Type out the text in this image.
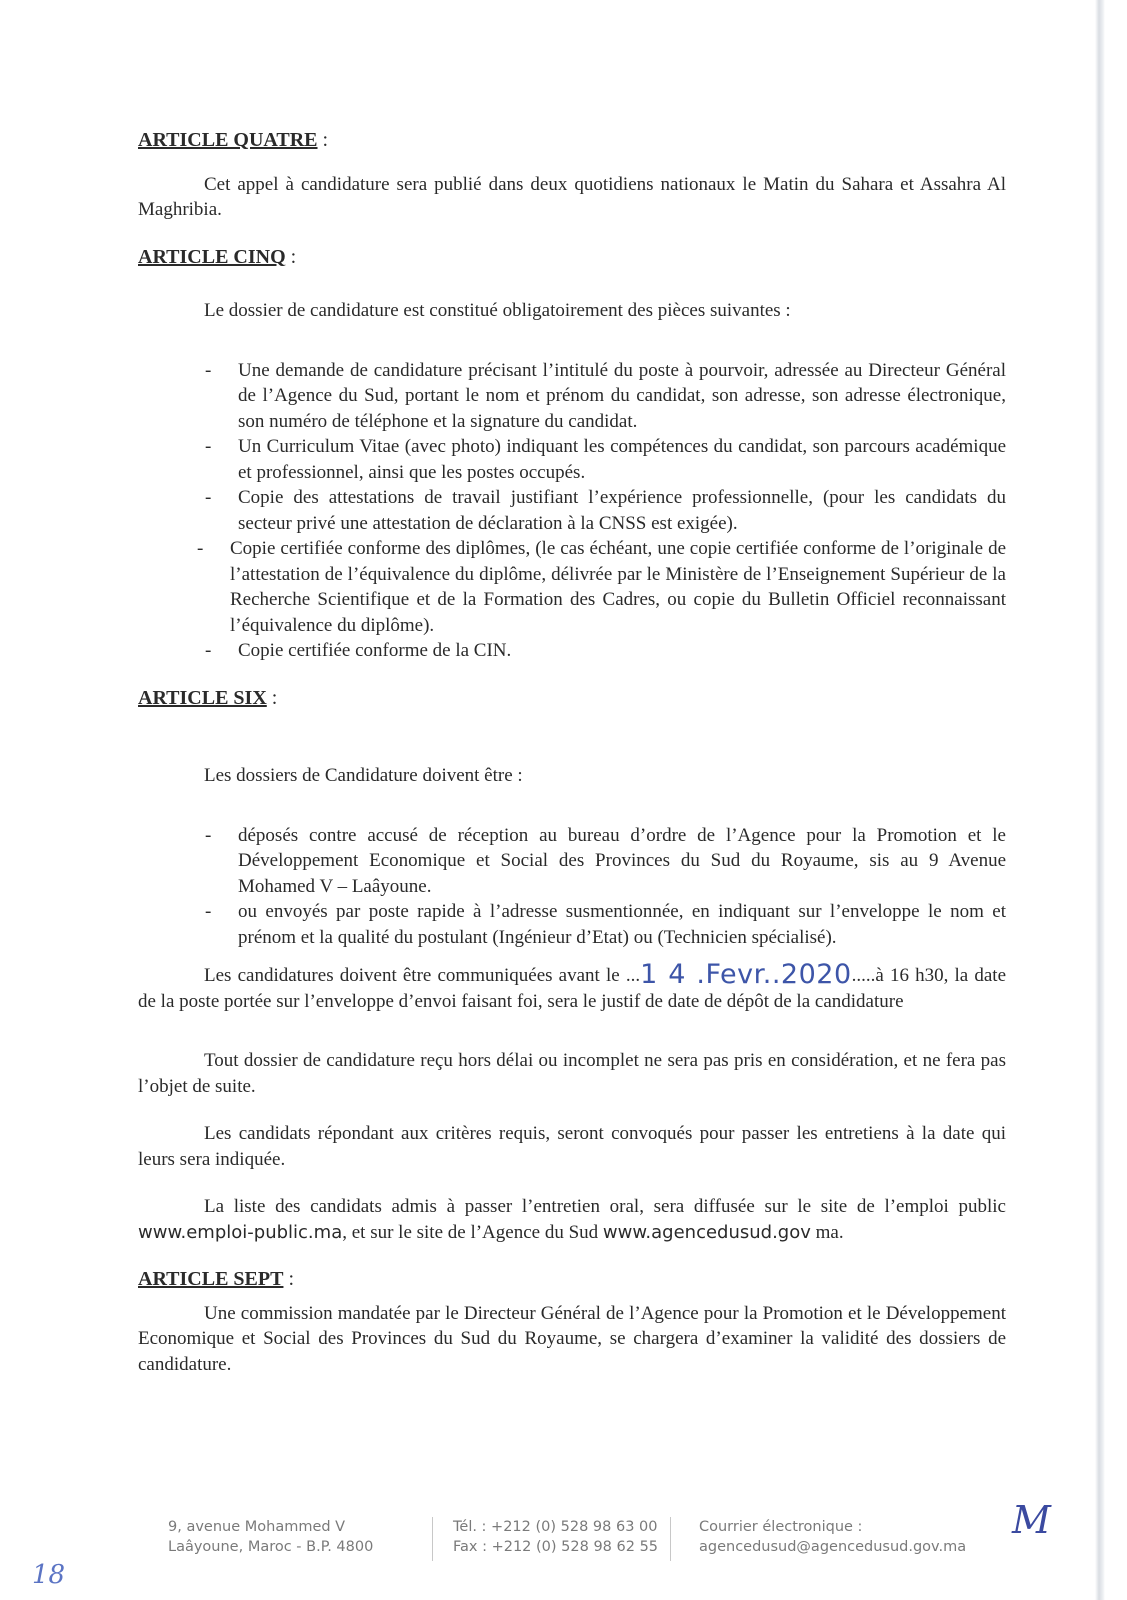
ARTICLE QUATRE :

Cet appel à candidature sera publié dans deux quotidiens nationaux le Matin du Sahara et Assahra Al Maghribia.

ARTICLE CINQ :

Le dossier de candidature est constitué obligatoirement des pièces suivantes :

- Une demande de candidature précisant l’intitulé du poste à pourvoir, adressée au Directeur Général de l’Agence du Sud, portant le nom et prénom du candidat, son adresse, son adresse électronique, son numéro de téléphone et la signature du candidat.
- Un Curriculum Vitae (avec photo) indiquant les compétences du candidat, son parcours académique et professionnel, ainsi que les postes occupés.
- Copie des attestations de travail justifiant l’expérience professionnelle, (pour les candidats du secteur privé une attestation de déclaration à la CNSS est exigée).
- Copie certifiée conforme des diplômes, (le cas échéant, une copie certifiée conforme de l’originale de l’attestation de l’équivalence du diplôme, délivrée par le Ministère de l’Enseignement Supérieur de la Recherche Scientifique et de la Formation des Cadres, ou copie du Bulletin Officiel reconnaissant l’équivalence du diplôme).
- Copie certifiée conforme de la CIN.
ARTICLE SIX :

Les dossiers de Candidature doivent être :

- déposés contre accusé de réception au bureau d’ordre de l’Agence pour la Promotion et le Développement Economique et Social des Provinces du Sud du Royaume, sis au 9 Avenue Mohamed V – Laâyoune.
- ou envoyés par poste rapide à l’adresse susmentionnée, en indiquant sur l’enveloppe le nom et prénom et la qualité du postulant (Ingénieur d’Etat) ou (Technicien spécialisé).

Les candidatures doivent être communiquées avant le ...1 4 .Fevr..2020.....à 16 h30, la date de la poste portée sur l’enveloppe d’envoi faisant foi, sera le justif de date de dépôt de la candidature

Tout dossier de candidature reçu hors délai ou incomplet ne sera pas pris en considération, et ne fera pas l’objet de suite.

Les candidats répondant aux critères requis, seront convoqués pour passer les entretiens à la date qui leurs sera indiquée.

La liste des candidats admis à passer l’entretien oral, sera diffusée sur le site de l’emploi public www.emploi-public.ma, et sur le site de l’Agence du Sud www.agencedusud.gov ma.

ARTICLE SEPT :

Une commission mandatée par le Directeur Général de l’Agence pour la Promotion et le Développement Economique et Social des Provinces du Sud du Royaume, se chargera d’examiner la validité des dossiers de candidature.

9, avenue Mohammed V
Laâyoune, Maroc - B.P. 4800
Tél. : +212 (0) 528 98 63 00
Fax : +212 (0) 528 98 62 55
Courrier électronique :
agencedusud@agencedusud.gov.ma
18
M
